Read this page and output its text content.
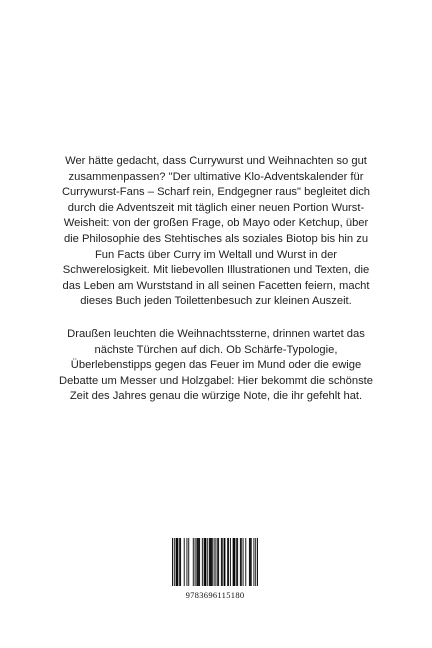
Wer hätte gedacht, dass Currywurst und Weihnachten so gut zusammenpassen? "Der ultimative Klo-Adventskalender für Currywurst-Fans – Scharf rein, Endgegner raus" begleitet dich durch die Adventszeit mit täglich einer neuen Portion Wurst-Weisheit: von der großen Frage, ob Mayo oder Ketchup, über die Philosophie des Stehtisches als soziales Biotop bis hin zu Fun Facts über Curry im Weltall und Wurst in der Schwerelosigkeit. Mit liebevollen Illustrationen und Texten, die das Leben am Wurststand in all seinen Facetten feiern, macht dieses Buch jeden Toilettenbesuch zur kleinen Auszeit.

Draußen leuchten die Weihnachtssterne, drinnen wartet das nächste Türchen auf dich. Ob Schärfe-Typologie, Überlebenstipps gegen das Feuer im Mund oder die ewige Debatte um Messer und Holzgabel: Hier bekommt die schönste Zeit des Jahres genau die würzige Note, die ihr gefehlt hat.

9783696115180
